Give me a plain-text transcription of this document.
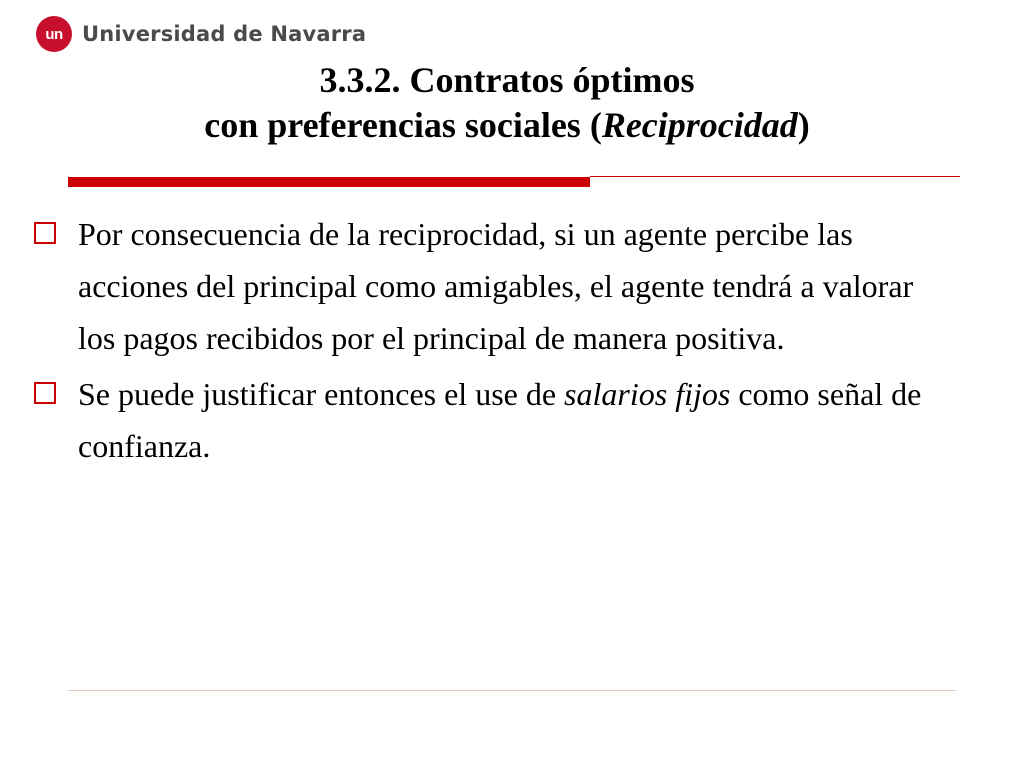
un Universidad de Navarra
3.3.2. Contratos óptimos
con preferencias sociales (Reciprocidad)
Por consecuencia de la reciprocidad, si un agente percibe las acciones del principal como amigables, el agente tendrá a valorar los pagos recibidos por el principal de manera positiva.
Se puede justificar entonces el use de salarios fijos como señal de confianza.
